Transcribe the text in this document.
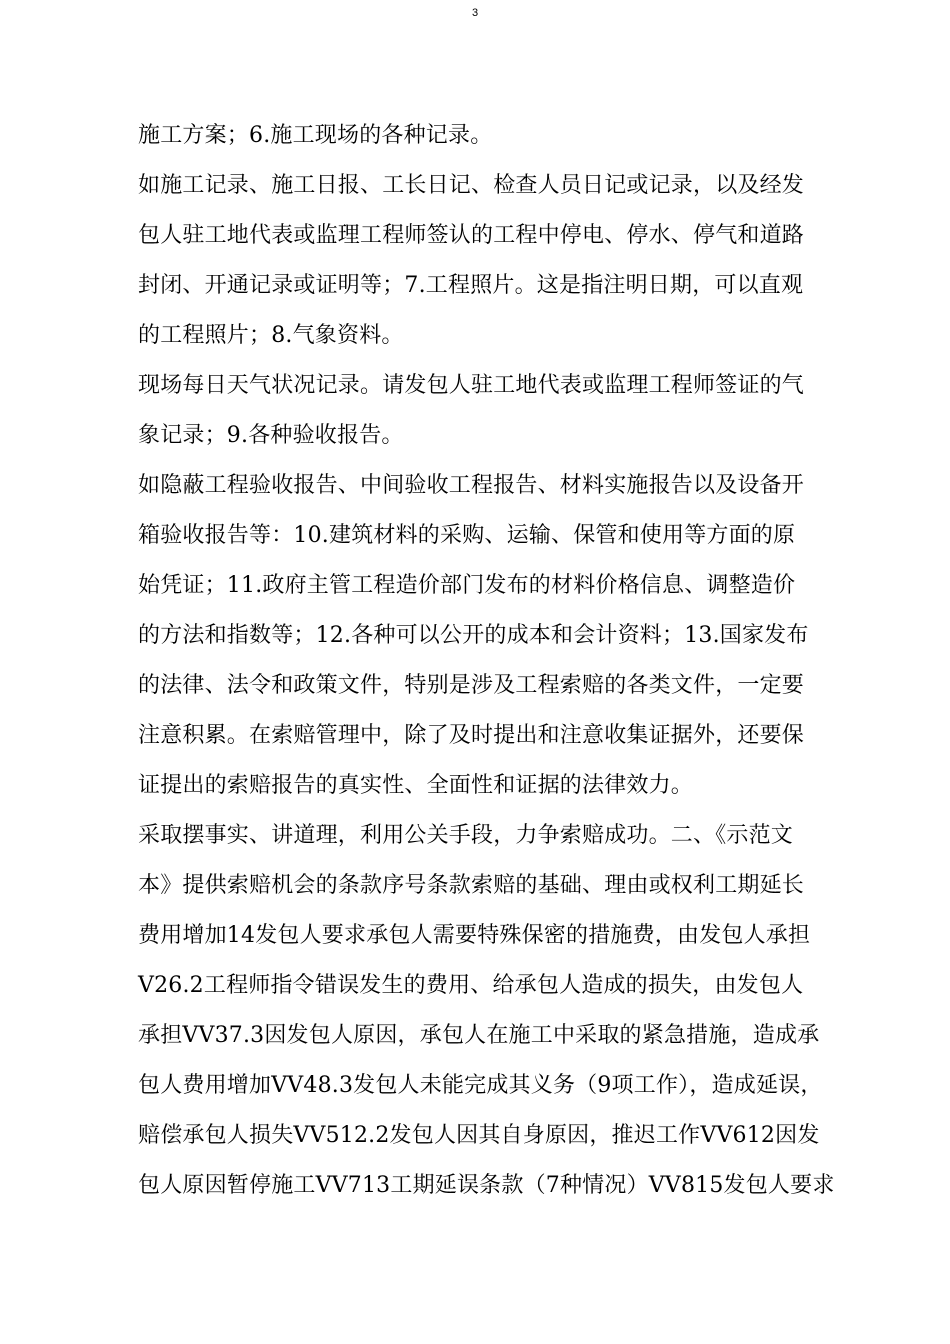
3
施工方案；6.施工现场的各种记录。
如施工记录、施工日报、工长日记、检查人员日记或记录，以及经发
包人驻工地代表或监理工程师签认的工程中停电、停水、停气和道路
封闭、开通记录或证明等；7.工程照片。这是指注明日期，可以直观
的工程照片；8.气象资料。
现场每日天气状况记录。请发包人驻工地代表或监理工程师签证的气
象记录；9.各种验收报告。
如隐蔽工程验收报告、中间验收工程报告、材料实施报告以及设备开
箱验收报告等：10.建筑材料的采购、运输、保管和使用等方面的原
始凭证；11.政府主管工程造价部门发布的材料价格信息、调整造价
的方法和指数等；12.各种可以公开的成本和会计资料；13.国家发布
的法律、法令和政策文件，特别是涉及工程索赔的各类文件，一定要
注意积累。在索赔管理中，除了及时提出和注意收集证据外，还要保
证提出的索赔报告的真实性、全面性和证据的法律效力。
采取摆事实、讲道理，利用公关手段，力争索赔成功。二、《示范文
本》提供索赔机会的条款序号条款索赔的基础、理由或权利工期延长
费用增加14发包人要求承包人需要特殊保密的措施费，由发包人承担
V26.2工程师指令错误发生的费用、给承包人造成的损失，由发包人
承担VV37.3因发包人原因，承包人在施工中采取的紧急措施，造成承
包人费用增加VV48.3发包人未能完成其义务（9项工作），造成延误，
赔偿承包人损失VV512.2发包人因其自身原因，推迟工作VV612因发
包人原因暂停施工VV713工期延误条款（7种情况）VV815发包人要求
